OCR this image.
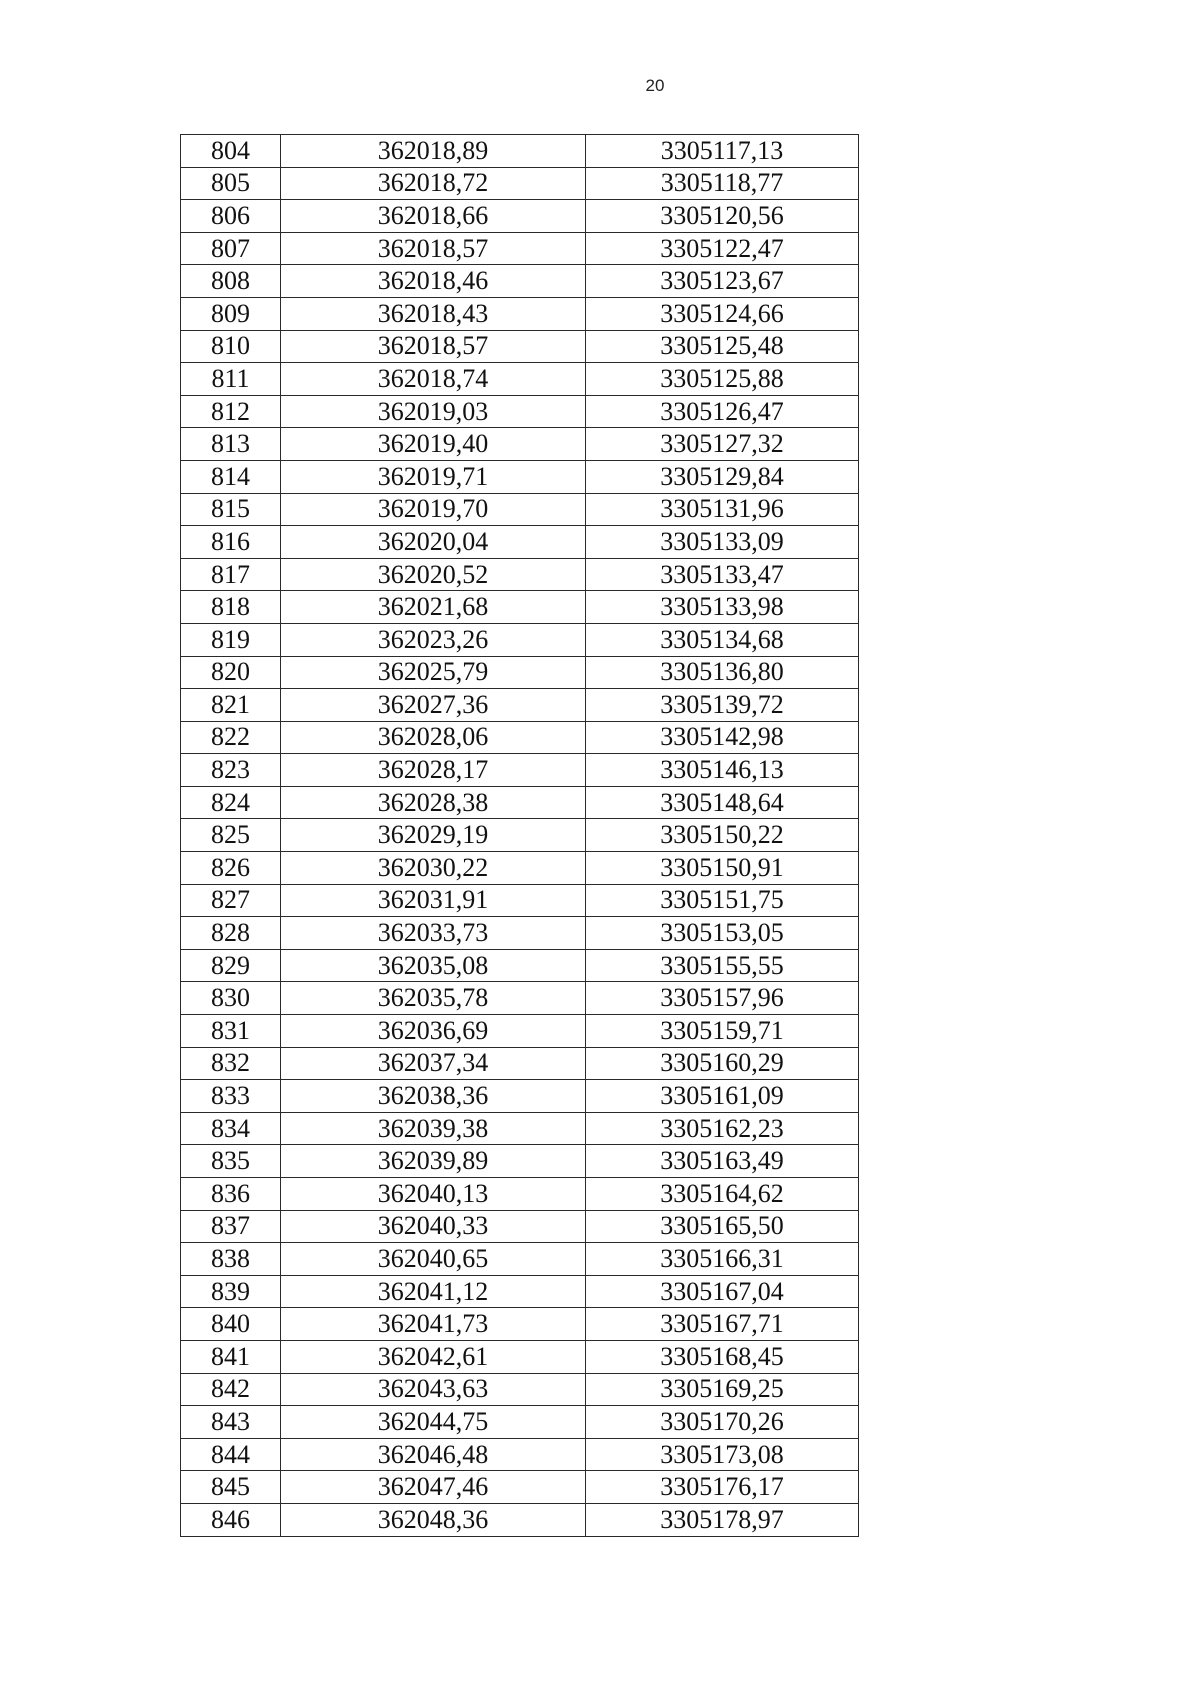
20
804	362018,89	3305117,13
805	362018,72	3305118,77
806	362018,66	3305120,56
807	362018,57	3305122,47
808	362018,46	3305123,67
809	362018,43	3305124,66
810	362018,57	3305125,48
811	362018,74	3305125,88
812	362019,03	3305126,47
813	362019,40	3305127,32
814	362019,71	3305129,84
815	362019,70	3305131,96
816	362020,04	3305133,09
817	362020,52	3305133,47
818	362021,68	3305133,98
819	362023,26	3305134,68
820	362025,79	3305136,80
821	362027,36	3305139,72
822	362028,06	3305142,98
823	362028,17	3305146,13
824	362028,38	3305148,64
825	362029,19	3305150,22
826	362030,22	3305150,91
827	362031,91	3305151,75
828	362033,73	3305153,05
829	362035,08	3305155,55
830	362035,78	3305157,96
831	362036,69	3305159,71
832	362037,34	3305160,29
833	362038,36	3305161,09
834	362039,38	3305162,23
835	362039,89	3305163,49
836	362040,13	3305164,62
837	362040,33	3305165,50
838	362040,65	3305166,31
839	362041,12	3305167,04
840	362041,73	3305167,71
841	362042,61	3305168,45
842	362043,63	3305169,25
843	362044,75	3305170,26
844	362046,48	3305173,08
845	362047,46	3305176,17
846	362048,36	3305178,97
